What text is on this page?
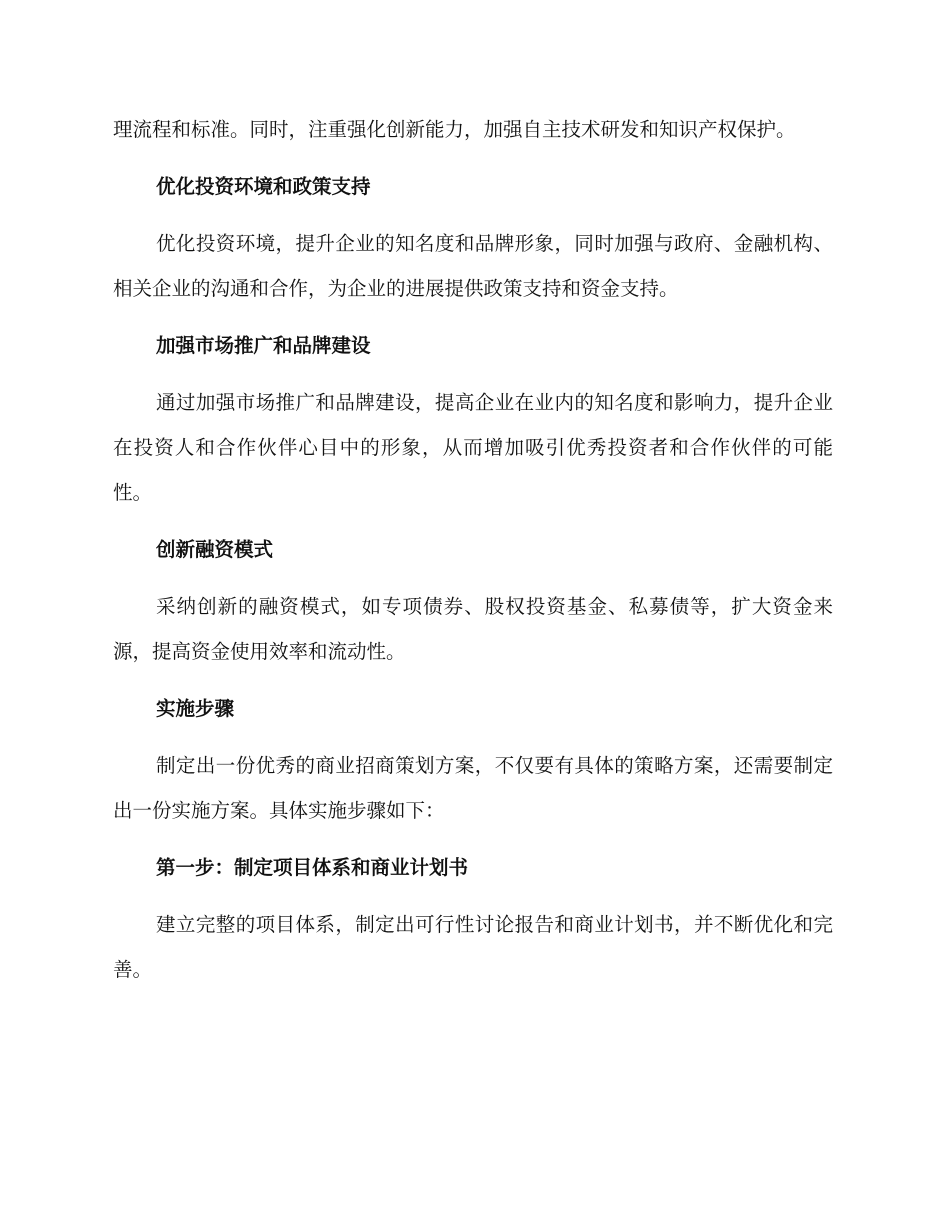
理流程和标准。同时，注重强化创新能力，加强自主技术研发和知识产权保护。

优化投资环境和政策支持

优化投资环境，提升企业的知名度和品牌形象，同时加强与政府、金融机构、相关企业的沟通和合作，为企业的进展提供政策支持和资金支持。

加强市场推广和品牌建设

通过加强市场推广和品牌建设，提高企业在业内的知名度和影响力，提升企业在投资人和合作伙伴心目中的形象，从而增加吸引优秀投资者和合作伙伴的可能性。

创新融资模式

采纳创新的融资模式，如专项债券、股权投资基金、私募债等，扩大资金来源，提高资金使用效率和流动性。

实施步骤

制定出一份优秀的商业招商策划方案，不仅要有具体的策略方案，还需要制定出一份实施方案。具体实施步骤如下：

第一步：制定项目体系和商业计划书

建立完整的项目体系，制定出可行性讨论报告和商业计划书，并不断优化和完善。
